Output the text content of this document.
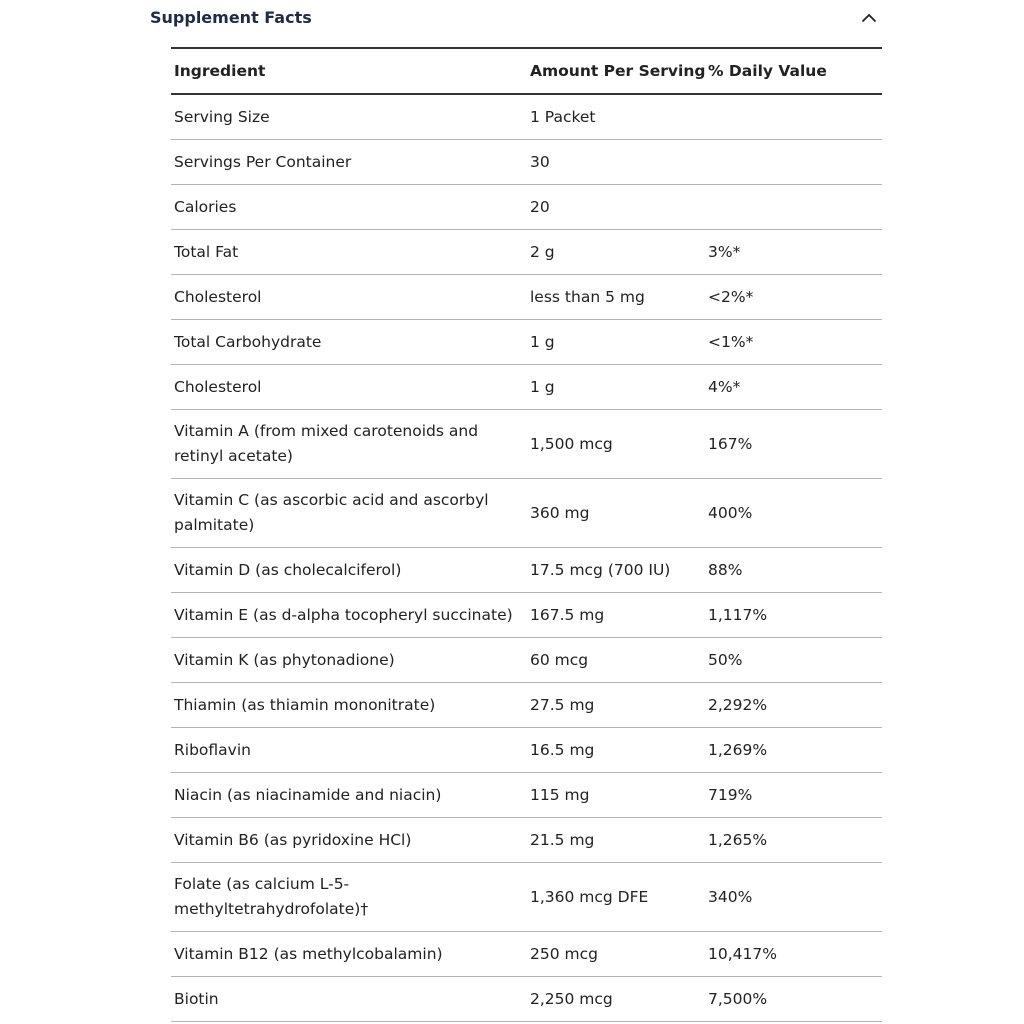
Supplement Facts
Ingredient	Amount Per Serving	% Daily Value
Serving Size	1 Packet	
Servings Per Container	30	
Calories	20	
Total Fat	2 g	3%*
Cholesterol	less than 5 mg	<2%*
Total Carbohydrate	1 g	<1%*
Cholesterol	1 g	4%*
Vitamin A (from mixed carotenoids and retinyl acetate)	1,500 mcg	167%
Vitamin C (as ascorbic acid and ascorbyl palmitate)	360 mg	400%
Vitamin D (as cholecalciferol)	17.5 mcg (700 IU)	88%
Vitamin E (as d-alpha tocopheryl succinate)	167.5 mg	1,117%
Vitamin K (as phytonadione)	60 mcg	50%
Thiamin (as thiamin mononitrate)	27.5 mg	2,292%
Riboflavin	16.5 mg	1,269%
Niacin (as niacinamide and niacin)	115 mg	719%
Vitamin B6 (as pyridoxine HCl)	21.5 mg	1,265%
Folate (as calcium L-5-methyltetrahydrofolate)†	1,360 mcg DFE	340%
Vitamin B12 (as methylcobalamin)	250 mcg	10,417%
Biotin	2,250 mcg	7,500%
